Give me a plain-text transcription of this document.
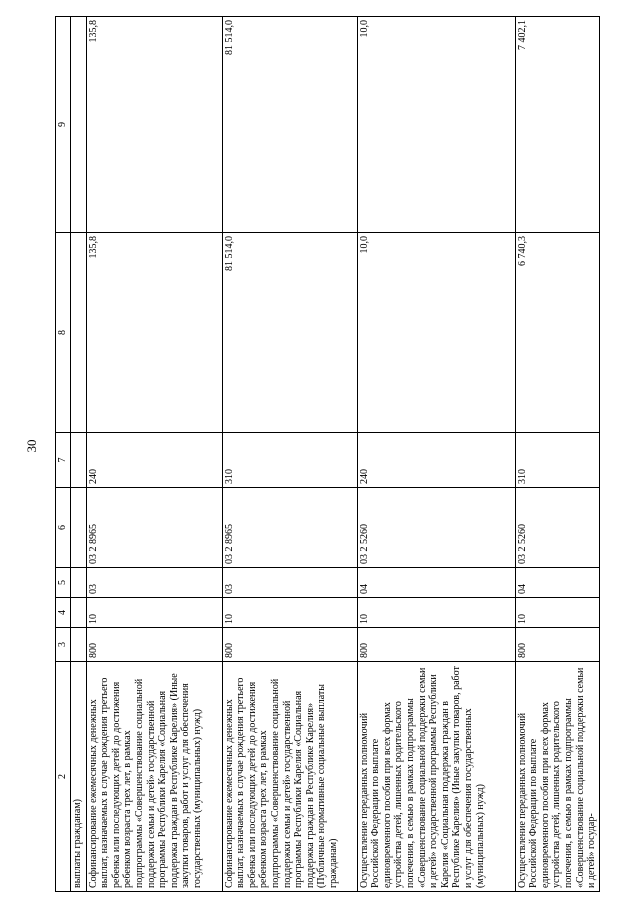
30
2	3	4	5	6	7	8	9
выплаты гражданам)							
Софинансирование ежемесячных денежных выплат, назначаемых в случае рождения третьего ребенка или последующих детей до достижения ребенком возраста трех лет, в рамках подпрограммы «Совершенствование социальной поддержки семьи и детей» государственной программы Республики Карелия «Социальная поддержка граждан в Республике Карелия» (Иные закупки товаров, работ и услуг для обеспечения государственных (муниципальных) нужд)	800	10	03	03 2 8965	240	135,8	135,8
Софинансирование ежемесячных денежных выплат, назначаемых в случае рождения третьего ребенка или последующих детей до достижения ребенком возраста трех лет, в рамках подпрограммы «Совершенствование социальной поддержки семьи и детей» государственной программы Республики Карелия «Социальная поддержка граждан в Республике Карелия» (Публичные нормативные социальные выплаты гражданам)	800	10	03	03 2 8965	310	81 514,0	81 514,0
Осуществление переданных полномочий Российской Федерации по выплате единовременного пособия при всех формах устройства детей, лишенных родительского попечения, в семью в рамках подпрограммы «Совершенствование социальной поддержки семьи и детей» государственной программы Республики Карелия «Социальная поддержка граждан в Республике Карелия» (Иные закупки товаров, работ и услуг для обеспечения государственных (муниципальных) нужд)	800	10	04	03 2 5260	240	10,0	10,0
Осуществление переданных полномочий Российской Федерации по выплате единовременного пособия при всех формах устройства детей, лишенных родительского попечения, в семью в рамках подпрограммы «Совершенствование социальной поддержки семьи и детей» государ-	800	10	04	03 2 5260	310	6 740,3	7 402,1
